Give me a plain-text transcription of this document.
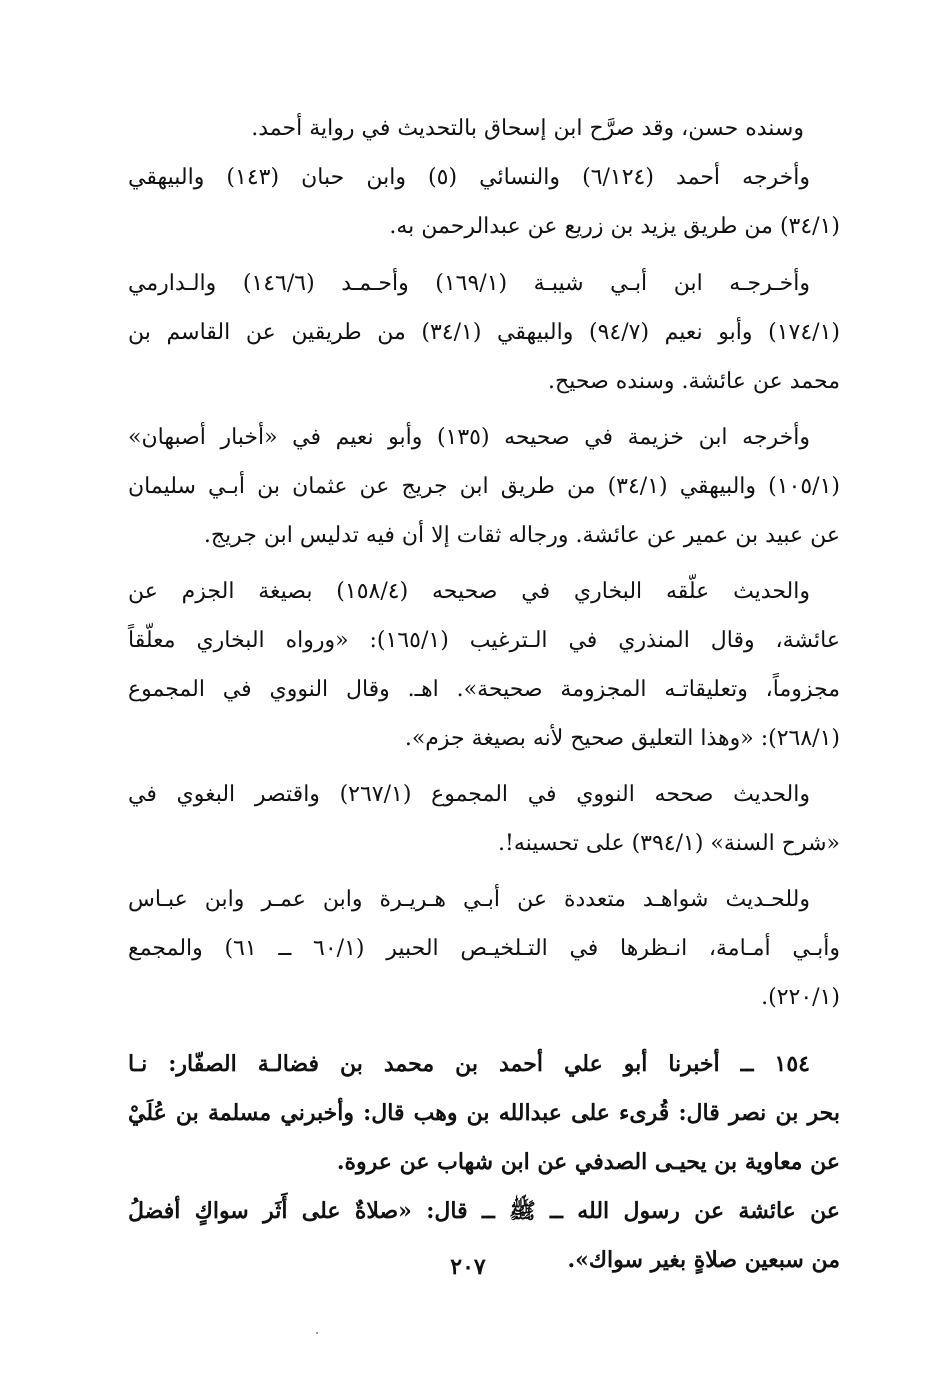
وسنده حسن، وقد صرَّح ابن إسحاق بالتحديث في رواية أحمد.
وأخرجه أحمد (٦/١٢٤) والنسائي (٥) وابن حبان (١٤٣) والبيهقي
(٣٤/١) من طريق يزيد بن زريع عن عبدالرحمن به.
وأخـرجـه ابن أبـي شيبـة (١٦٩/١) وأحـمـد (١٤٦/٦) والـدارمي
(١٧٤/١) وأبو نعيم (٩٤/٧) والبيهقي (٣٤/١) من طريقين عن القاسم بن
محمد عن عائشة. وسنده صحيح.
وأخرجه ابن خزيمة في صحيحه (١٣٥) وأبو نعيم في «أخبار أصبهان»
(١٠٥/١) والبيهقي (٣٤/١) من طريق ابن جريج عن عثمان بن أبـي سليمان
عن عبيد بن عمير عن عائشة. ورجاله ثقات إلا أن فيه تدليس ابن جريج.
والحديث علّقه البخاري في صحيحه (١٥٨/٤) بصيغة الجزم عن
عائشة، وقال المنذري في الـترغيب (١٦٥/١): «ورواه البخاري معلّقاً
مجزوماً، وتعليقاتـه المجزومة صحيحة». اهـ. وقال النووي في المجموع
(٢٦٨/١): «وهذا التعليق صحيح لأنه بصيغة جزم».
والحديث صححه النووي في المجموع (٢٦٧/١) واقتصر البغوي في
«شرح السنة» (٣٩٤/١) على تحسينه!.
وللحـديث شواهـد متعددة عن أبـي هـريـرة وابن عمـر وابن عبـاس
وأبـي أمـامة، انـظرها في التـلخيـص الحبير (٦٠/١ ــ ٦١) والمجمع
(٢٢٠/١).
١٥٤ ــ أخبرنا أبو علي أحمد بن محمد بن فضالـة الصفّار: نـا
بحر بن نصر قال: قُرىء على عبدالله بن وهب قال: وأخبرني مسلمة بن عُلَيْ
عن معاوية بن يحيـى الصدفي عن ابن شهاب عن عروة.
عن عائشة عن رسول الله ــ ﷺ ــ قال: «صلاةٌ على أَثَر سواكٍ أفضلُ
من سبعين صلاةٍ بغير سواك».
٢٠٧
